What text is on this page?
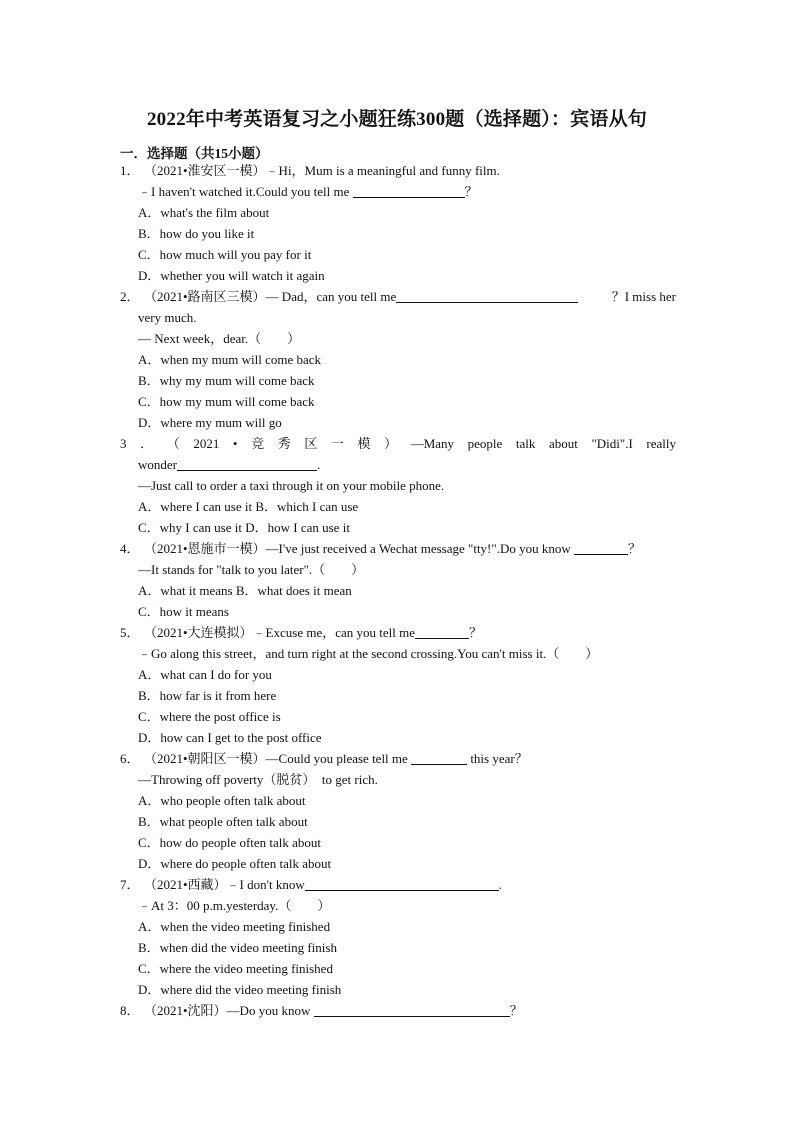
2022年中考英语复习之小题狂练300题（选择题）：宾语从句
一．选择题（共15小题）
1． （2021•淮安区一模）﹣Hi，Mum is a meaningful and funny film.
﹣I haven't watched it.Could you tell me	？
A．what's the film about
B．how do you like it
C．how much will you pay for it
D．whether you will watch it again
2． （2021•路南区三模）— Dad，can you tell me	？I miss her
very much.
— Next week，dear.（　　）
A．when my mum will come back
B．why my mum will come back
C．how my mum will come back
D．where my mum will go
3 ． （ 2021 • 竞 秀 区 一 模 ） —Many people talk about "Didi".I really
wonder	.
—Just call to order a taxi through it on your mobile phone.
A．where I can use it B．which I can use
C．why I can use it D．how I can use it
4． （2021•恩施市一模）—I've just received a Wechat message "tty!".Do you know	？
—It stands for "talk to you later".（　　）
A．what it means B．what does it mean
C．how it means
5． （2021•大连模拟）﹣Excuse me，can you tell me	？
﹣Go along this street，and turn right at the second crossing.You can't miss it.（　　）
A．what can I do for you
B．how far is it from here
C．where the post office is
D．how can I get to the post office
6． （2021•朝阳区一模）—Could you please tell me	this year？
—Throwing off poverty（脱贫）　to get rich.
A．who people often talk about
B．what people often talk about
C．how do people often talk about
D．where do people often talk about
7． （2021•西藏）﹣I don't know	.
﹣At 3：00 p.m.yesterday.（　　）
A．when the video meeting finished
B．when did the video meeting finish
C．where the video meeting finished
D．where did the video meeting finish
8． （2021•沈阳）—Do you know	？
